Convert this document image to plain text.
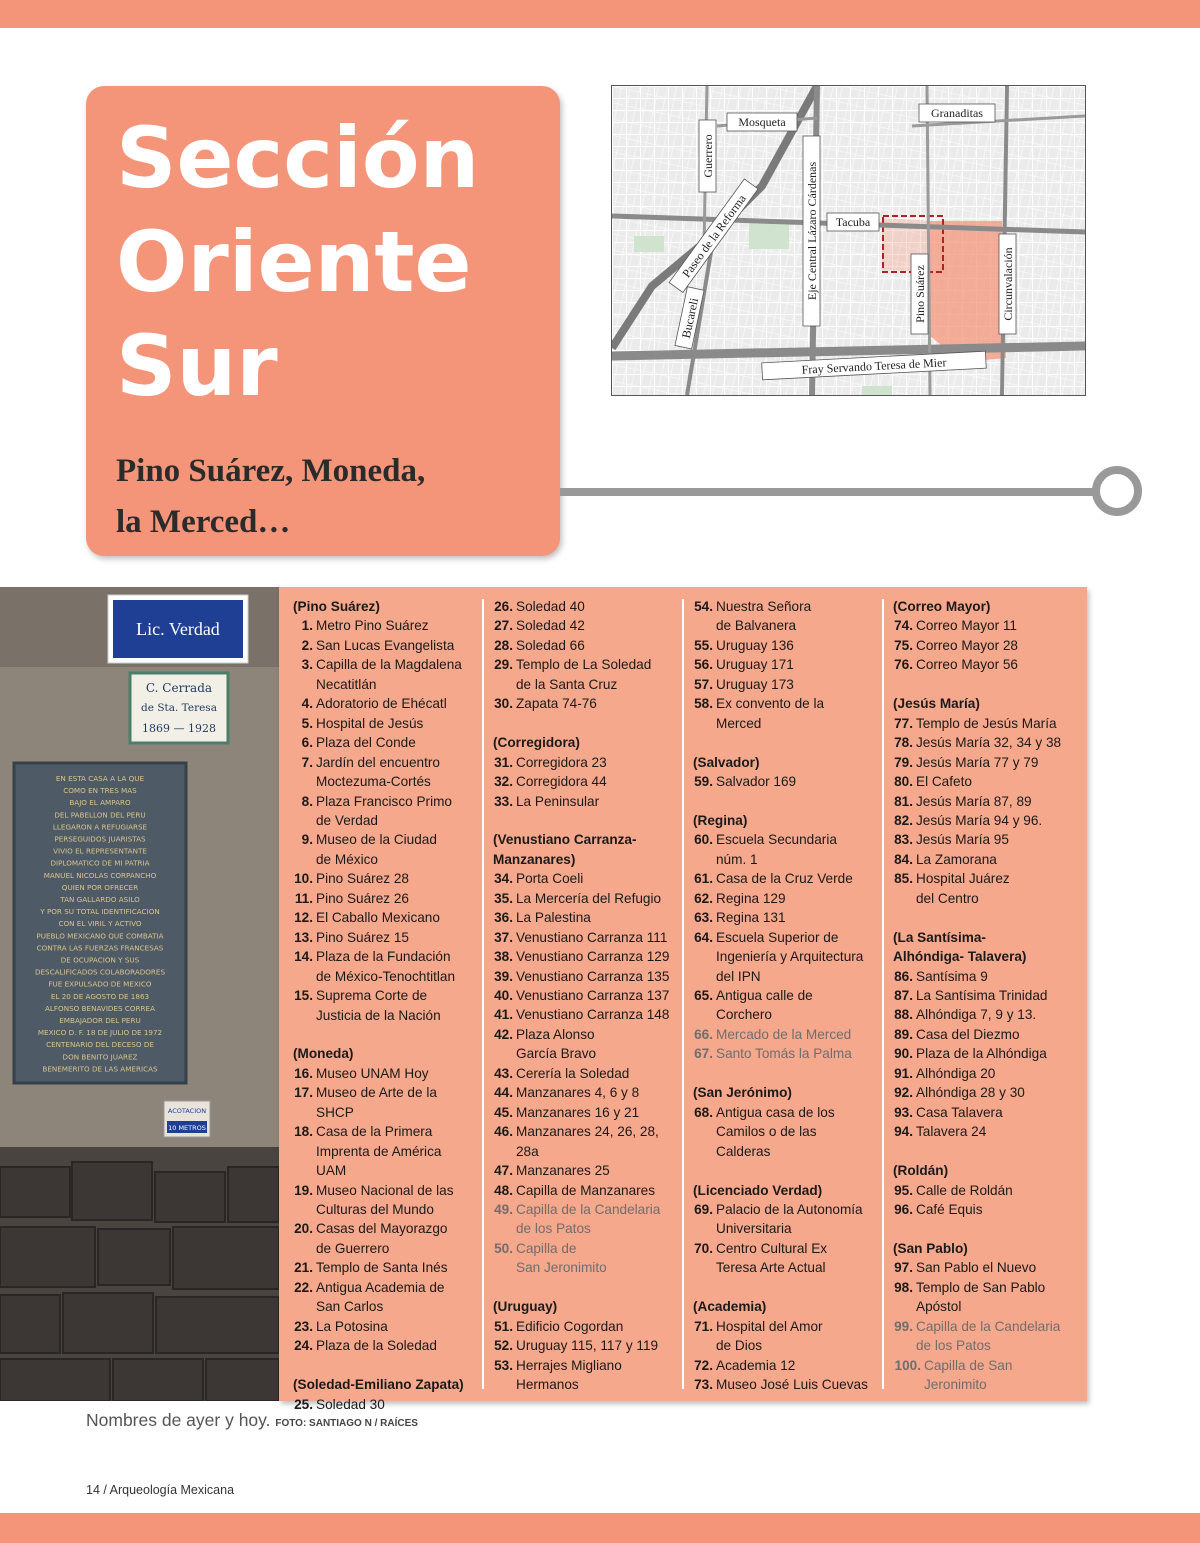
Sección
Oriente
Sur

Pino Suárez, Moneda,
la Merced…

Mosqueta
Granaditas
Guerrero
Paseo de la Reforma	Eje Central Lázaro Cárdenas Tacuba
Bucareli	Pino Suárez	Circunvalación
Fray Servando Teresa de Mier
Lic. Verdad
C. Cerrada
de Sta. Teresa
1869 — 1928
EN ESTA CASA A LA QUE
COMO EN TRES MAS
BAJO EL AMPARO
DEL PABELLON DEL PERU
LLEGARON A REFUGIARSE
PERSEGUIDOS JUARISTAS
VIVIO EL REPRESENTANTE
DIPLOMATICO DE MI PATRIA
MANUEL NICOLAS CORPANCHO
QUIEN POR OFRECER
TAN GALLARDO ASILO
Y POR SU TOTAL IDENTIFICACION
CON EL VIRIL Y ACTIVO
PUEBLO MEXICANO QUE COMBATIA
CONTRA LAS FUERZAS FRANCESAS
DE OCUPACION Y SUS
DESCALIFICADOS COLABORADORES
FUE EXPULSADO DE MEXICO
EL 20 DE AGOSTO DE 1863
ALFONSO BENAVIDES CORREA
EMBAJADOR DEL PERU
MEXICO D. F. 18 DE JULIO DE 1972
CENTENARIO DEL DECESO DE
DON BENITO JUAREZ
BENEMERITO DE LAS AMERICAS
ACOTACION
10 METROS
(Pino Suárez)
1. Metro Pino Suárez
2. San Lucas Evangelista
3. Capilla de la Magdalena
Necatitlán
4. Adoratorio de Ehécatl
5. Hospital de Jesús
6. Plaza del Conde
7. Jardín del encuentro
Moctezuma-Cortés
8. Plaza Francisco Primo
de Verdad
9. Museo de la Ciudad
de México
10. Pino Suárez 28
11. Pino Suárez 26
12. El Caballo Mexicano
13. Pino Suárez 15
14. Plaza de la Fundación
de México-Tenochtitlan
15. Suprema Corte de
Justicia de la Nación
(Moneda)
16. Museo UNAM Hoy
17. Museo de Arte de la SHCP
18. Casa de la Primera
Imprenta de América
UAM
19. Museo Nacional de las
Culturas del Mundo
20. Casas del Mayorazgo
de Guerrero
21. Templo de Santa Inés
22. Antigua Academia de
San Carlos
23. La Potosina
24. Plaza de la Soledad
(Soledad-Emiliano Zapata)
25. Soledad 30
26. Soledad 40
27. Soledad 42
28. Soledad 66
29. Templo de La Soledad
de la Santa Cruz
30. Zapata 74-76
(Corregidora)
31. Corregidora 23
32. Corregidora 44
33. La Peninsular
(Venustiano Carranza-
Manzanares)
34. Porta Coeli
35. La Mercería del Refugio
36. La Palestina
37. Venustiano Carranza 111
38. Venustiano Carranza 129
39. Venustiano Carranza 135
40. Venustiano Carranza 137
41. Venustiano Carranza 148
42. Plaza Alonso
García Bravo
43. Cerería la Soledad
44. Manzanares 4, 6 y 8
45. Manzanares 16 y 21
46. Manzanares 24, 26, 28,
28a
47. Manzanares 25
48. Capilla de Manzanares
49. Capilla de la Candelaria
de los Patos
50. Capilla de
San Jeronimito
(Uruguay)
51. Edificio Cogordan
52. Uruguay 115, 117 y 119
53. Herrajes Migliano
Hermanos
54. Nuestra Señora
de Balvanera
55. Uruguay 136
56. Uruguay 171
57. Uruguay 173
58. Ex convento de la Merced
(Salvador)
59. Salvador 169
(Regina)
60. Escuela Secundaria
núm. 1
61. Casa de la Cruz Verde
62. Regina 129
63. Regina 131
64. Escuela Superior de
Ingeniería y Arquitectura
del IPN
65. Antigua calle de
Corchero
66. Mercado de la Merced
67. Santo Tomás la Palma
(San Jerónimo)
68. Antigua casa de los
Camilos o de las
Calderas
(Licenciado Verdad)
69. Palacio de la Autonomía
Universitaria
70. Centro Cultural Ex
Teresa Arte Actual
(Academia)
71. Hospital del Amor
de Dios
72. Academia 12
73. Museo José Luis Cuevas
(Correo Mayor)
74. Correo Mayor 11
75. Correo Mayor 28
76. Correo Mayor 56
(Jesús María)
77. Templo de Jesús María
78. Jesús María 32, 34 y 38
79. Jesús María 77 y 79
80. El Cafeto
81. Jesús María 87, 89
82. Jesús María 94 y 96.
83. Jesús María 95
84. La Zamorana
85. Hospital Juárez
del Centro
(La Santísima-
Alhóndiga- Talavera)
86. Santísima 9
87. La Santísima Trinidad
88. Alhóndiga 7, 9 y 13.
89. Casa del Diezmo
90. Plaza de la Alhóndiga
91. Alhóndiga 20
92. Alhóndiga 28 y 30
93. Casa Talavera
94. Talavera 24
(Roldán)
95. Calle de Roldán
96. Café Equis
(San Pablo)
97. San Pablo el Nuevo
98. Templo de San Pablo
Apóstol
99. Capilla de la Candelaria
de los Patos
100. Capilla de San
Jeronimito
Nombres de ayer y hoy. FOTO: SANTIAGO N / RAÍCES
14 / Arqueología Mexicana
